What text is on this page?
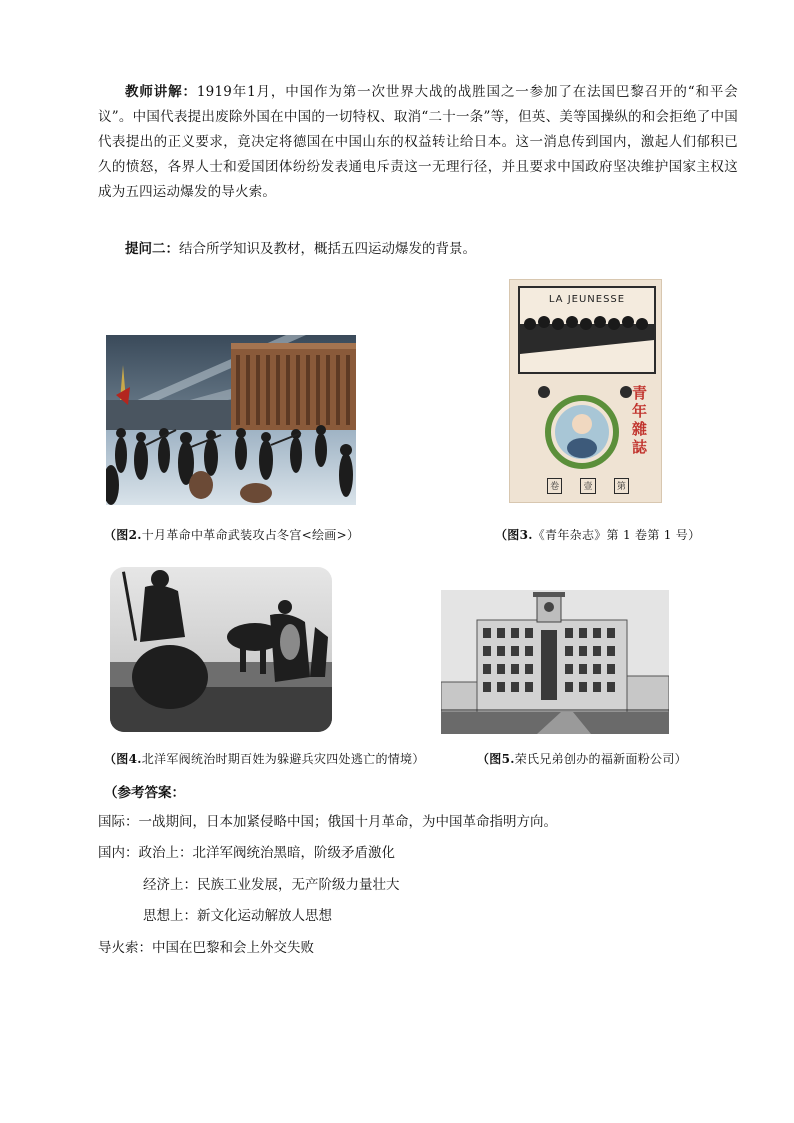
教师讲解：1919年1月，中国作为第一次世界大战的战胜国之一参加了在法国巴黎召开的“和平会议”。中国代表提出废除外国在中国的一切特权、取消“二十一条”等，但英、美等国操纵的和会拒绝了中国代表提出的正义要求，竟决定将德国在中国山东的权益转让给日本。这一消息传到国内，激起人们郁积已久的愤怒，各界人士和爱国团体纷纷发表通电斥责这一无理行径，并且要求中国政府坚决维护国家主权这成为五四运动爆发的导火索。
提问二：结合所学知识及教材，概括五四运动爆发的背景。
LA JEUNESSE
青
年
雜
誌
卷	壹	第
（图2.十月革命中革命武装攻占冬宫<绘画>）	（图3.《青年杂志》第 1 卷第 1 号）
（图4.北洋军阀统治时期百姓为躲避兵灾四处逃亡的情境）	（图5.荣氏兄弟创办的福新面粉公司）
（参考答案：
国际：一战期间，日本加紧侵略中国；俄国十月革命，为中国革命指明方向。
国内：政治上：北洋军阀统治黑暗，阶级矛盾激化
经济上：民族工业发展，无产阶级力量壮大
思想上：新文化运动解放人思想
导火索：中国在巴黎和会上外交失败
